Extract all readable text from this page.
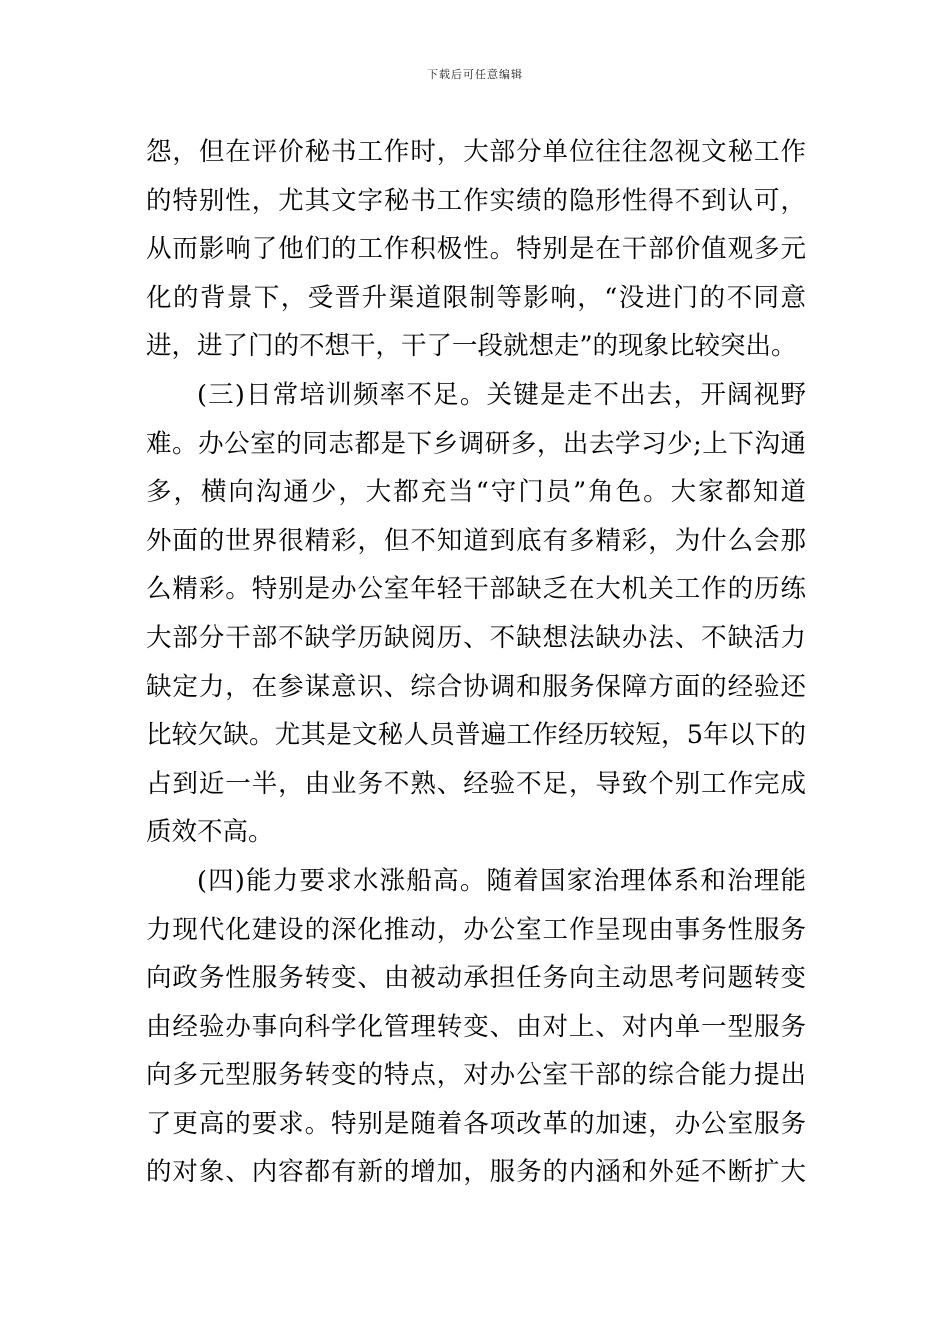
下载后可任意编辑
怨，但在评价秘书工作时，大部分单位往往忽视文秘工作
的特别性，尤其文字秘书工作实绩的隐形性得不到认可，
从而影响了他们的工作积极性。特别是在干部价值观多元
化的背景下，受晋升渠道限制等影响，“没进门的不同意
进，进了门的不想干，干了一段就想走”的现象比较突出。
(三)日常培训频率不足。关键是走不出去，开阔视野
难。办公室的同志都是下乡调研多，出去学习少;上下沟通
多，横向沟通少，大都充当“守门员”角色。大家都知道
外面的世界很精彩，但不知道到底有多精彩，为什么会那
么精彩。特别是办公室年轻干部缺乏在大机关工作的历练
大部分干部不缺学历缺阅历、不缺想法缺办法、不缺活力
缺定力，在参谋意识、综合协调和服务保障方面的经验还
比较欠缺。尤其是文秘人员普遍工作经历较短，5年以下的
占到近一半，由业务不熟、经验不足，导致个别工作完成
质效不高。
(四)能力要求水涨船高。随着国家治理体系和治理能
力现代化建设的深化推动，办公室工作呈现由事务性服务
向政务性服务转变、由被动承担任务向主动思考问题转变
由经验办事向科学化管理转变、由对上、对内单一型服务
向多元型服务转变的特点，对办公室干部的综合能力提出
了更高的要求。特别是随着各项改革的加速，办公室服务
的对象、内容都有新的增加，服务的内涵和外延不断扩大
